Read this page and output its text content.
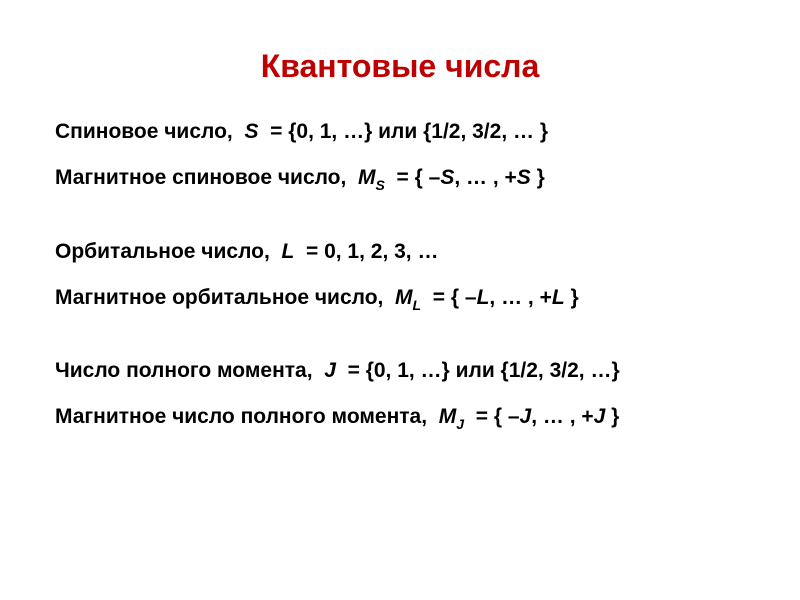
Квантовые числа
Спиновое число, S = {0, 1, …} или {1/2, 3/2, … }
Магнитное спиновое число, $M_S$ = { –S, … , +S }
Орбитальное число, L = 0, 1, 2, 3, …
Магнитное орбитальное число, $M_L$ = { –L, … , +L }
Число полного момента, J = {0, 1, …} или {1/2, 3/2, …}
Магнитное число полного момента, $M_J$ = { –J, … , +J }
